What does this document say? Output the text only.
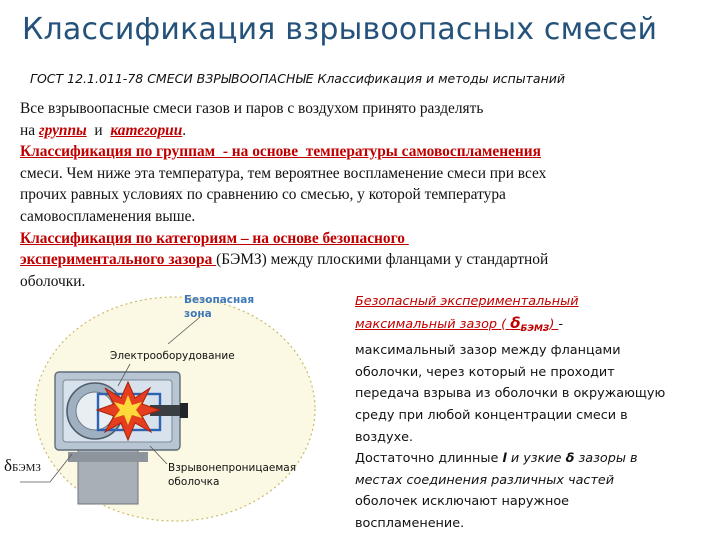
Классификация взрывоопасных смесей
ГОСТ 12.1.011-78 СМЕСИ ВЗРЫВООПАСНЫЕ Классификация и методы испытаний
Все взрывоопасные смеси газов и паров с воздухом принято разделять
на группы  и  категории.
Классификация по группам  - на основе  температуры самовоспламенения
смеси. Чем ниже эта температура, тем вероятнее воспламенение смеси при всех
прочих равных условиях по сравнению со смесью, у которой температура
самовоспламенения выше.
Классификация по категориям – на основе безопасного
экспериментального зазора (БЭМЗ) между плоскими фланцами у стандартной
оболочки.
Безопасная
зона
Электрооборудование
Взрывонепроницаемая
оболочка
δБЭМЗ
Безопасный экспериментальный
максимальный зазор ( $\delta_{БЭМЗ}$) -
максимальный зазор между фланцами
оболочки, через который не проходит
передача взрыва из оболочки в окружающую
среду при любой концентрации смеси в
воздухе.
Достаточно длинные l и узкие δ зазоры в
местах соединения различных частей
оболочек исключают наружное
воспламенение.
